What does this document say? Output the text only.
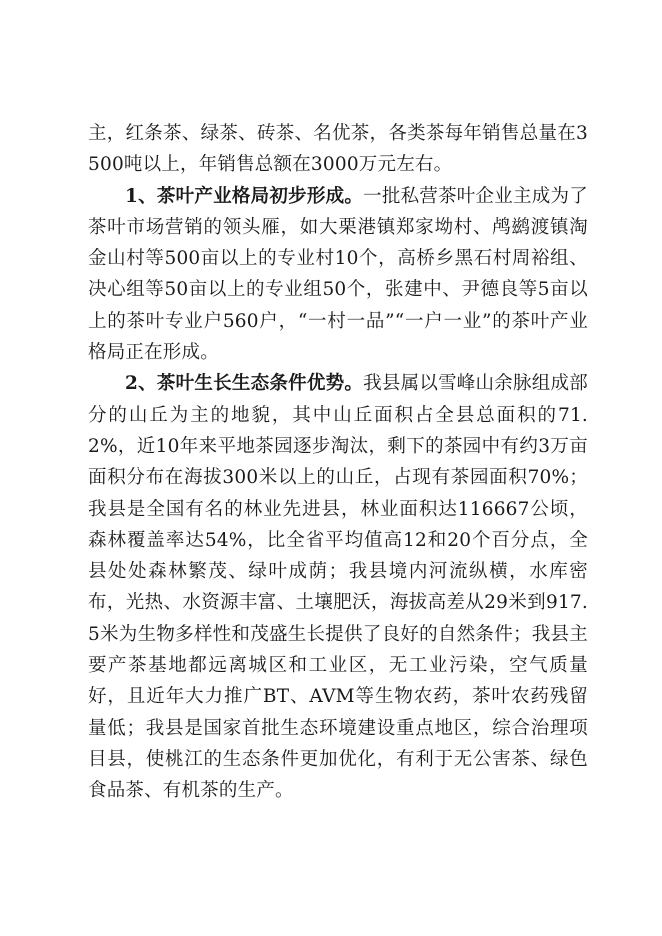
主，红条茶、绿茶、砖茶、名优茶，各类茶每年销售总量在3500吨以上，年销售总额在3000万元左右。

1、茶叶产业格局初步形成。一批私营茶叶企业主成为了茶叶市场营销的领头雁，如大栗港镇郑家坳村、鸬鹚渡镇淘金山村等500亩以上的专业村10个，高桥乡黑石村周裕组、决心组等50亩以上的专业组50个，张建中、尹德良等5亩以上的茶叶专业户560户，“一村一品”“一户一业”的茶叶产业格局正在形成。

2、茶叶生长生态条件优势。我县属以雪峰山余脉组成部分的山丘为主的地貌，其中山丘面积占全县总面积的71.2%，近10年来平地茶园逐步淘汰，剩下的茶园中有约3万亩面积分布在海拔300米以上的山丘，占现有茶园面积70%；我县是全国有名的林业先进县，林业面积达116667公顷，森林覆盖率达54%，比全省平均值高12和20个百分点，全县处处森林繁茂、绿叶成荫；我县境内河流纵横，水库密布，光热、水资源丰富、土壤肥沃，海拔高差从29米到917.5米为生物多样性和茂盛生长提供了良好的自然条件；我县主要产茶基地都远离城区和工业区，无工业污染，空气质量好，且近年大力推广BT、AVM等生物农药，茶叶农药残留量低；我县是国家首批生态环境建设重点地区，综合治理项目县，使桃江的生态条件更加优化，有利于无公害茶、绿色食品茶、有机茶的生产。
